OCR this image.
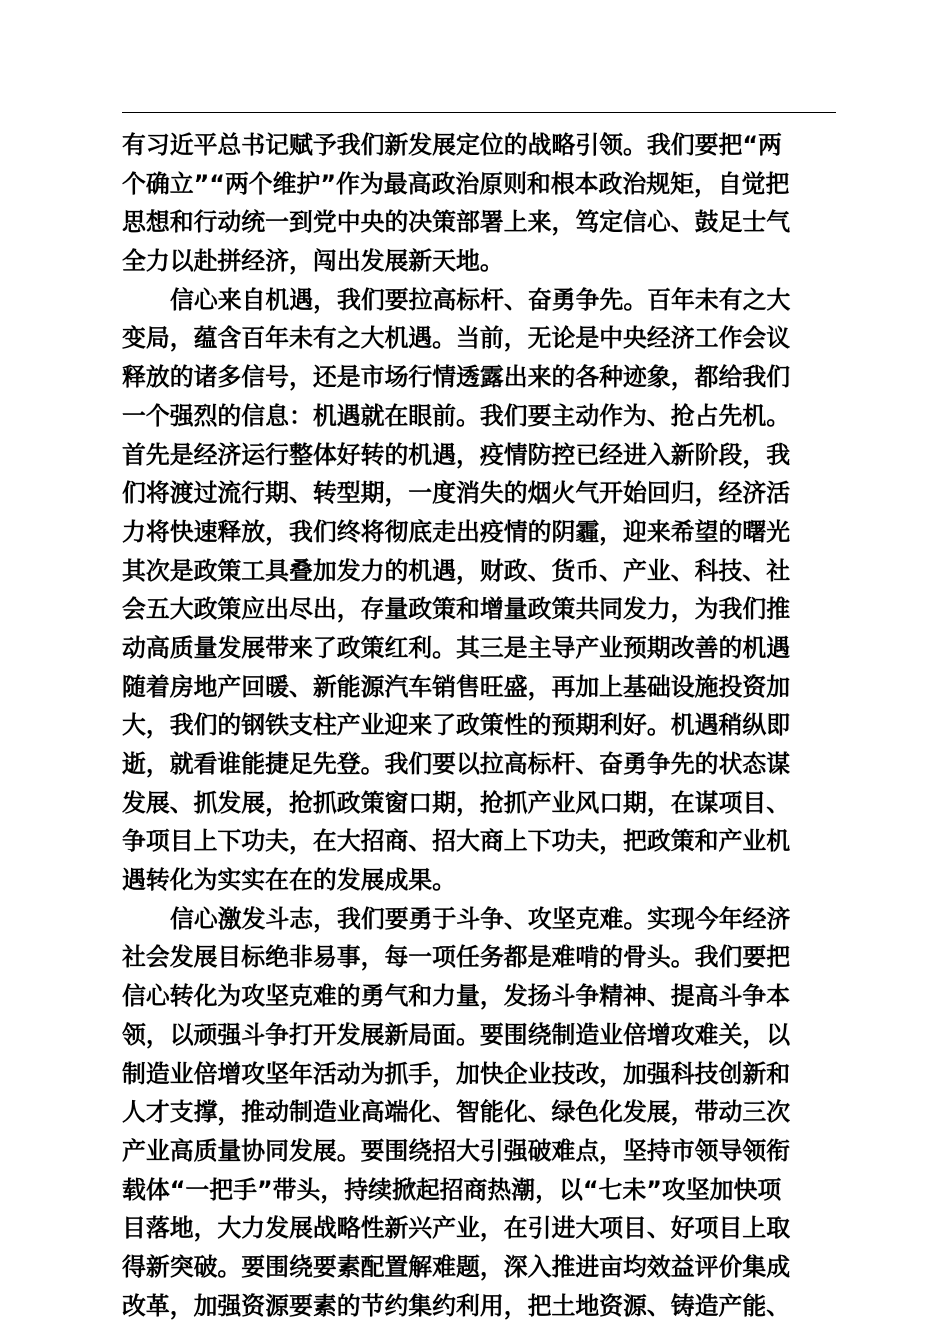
有习近平总书记赋予我们新发展定位的战略引领。我们要把“两
个确立”“两个维护”作为最高政治原则和根本政治规矩，自觉把
思想和行动统一到党中央的决策部署上来，笃定信心、鼓足士气
全力以赴拼经济，闯出发展新天地。
信心来自机遇，我们要拉高标杆、奋勇争先。百年未有之大
变局，蕴含百年未有之大机遇。当前，无论是中央经济工作会议
释放的诸多信号，还是市场行情透露出来的各种迹象，都给我们
一个强烈的信息：机遇就在眼前。我们要主动作为、抢占先机。
首先是经济运行整体好转的机遇，疫情防控已经进入新阶段，我
们将渡过流行期、转型期，一度消失的烟火气开始回归，经济活
力将快速释放，我们终将彻底走出疫情的阴霾，迎来希望的曙光
其次是政策工具叠加发力的机遇，财政、货币、产业、科技、社
会五大政策应出尽出，存量政策和增量政策共同发力，为我们推
动高质量发展带来了政策红利。其三是主导产业预期改善的机遇
随着房地产回暖、新能源汽车销售旺盛，再加上基础设施投资加
大，我们的钢铁支柱产业迎来了政策性的预期利好。机遇稍纵即
逝，就看谁能捷足先登。我们要以拉高标杆、奋勇争先的状态谋
发展、抓发展，抢抓政策窗口期，抢抓产业风口期，在谋项目、
争项目上下功夫，在大招商、招大商上下功夫，把政策和产业机
遇转化为实实在在的发展成果。
信心激发斗志，我们要勇于斗争、攻坚克难。实现今年经济
社会发展目标绝非易事，每一项任务都是难啃的骨头。我们要把
信心转化为攻坚克难的勇气和力量，发扬斗争精神、提高斗争本
领，以顽强斗争打开发展新局面。要围绕制造业倍增攻难关，以
制造业倍增攻坚年活动为抓手，加快企业技改，加强科技创新和
人才支撑，推动制造业高端化、智能化、绿色化发展，带动三次
产业高质量协同发展。要围绕招大引强破难点，坚持市领导领衔
载体“一把手”带头，持续掀起招商热潮，以“七未”攻坚加快项
目落地，大力发展战略性新兴产业，在引进大项目、好项目上取
得新突破。要围绕要素配置解难题，深入推进亩均效益评价集成
改革，加强资源要素的节约集约利用，把土地资源、铸造产能、
